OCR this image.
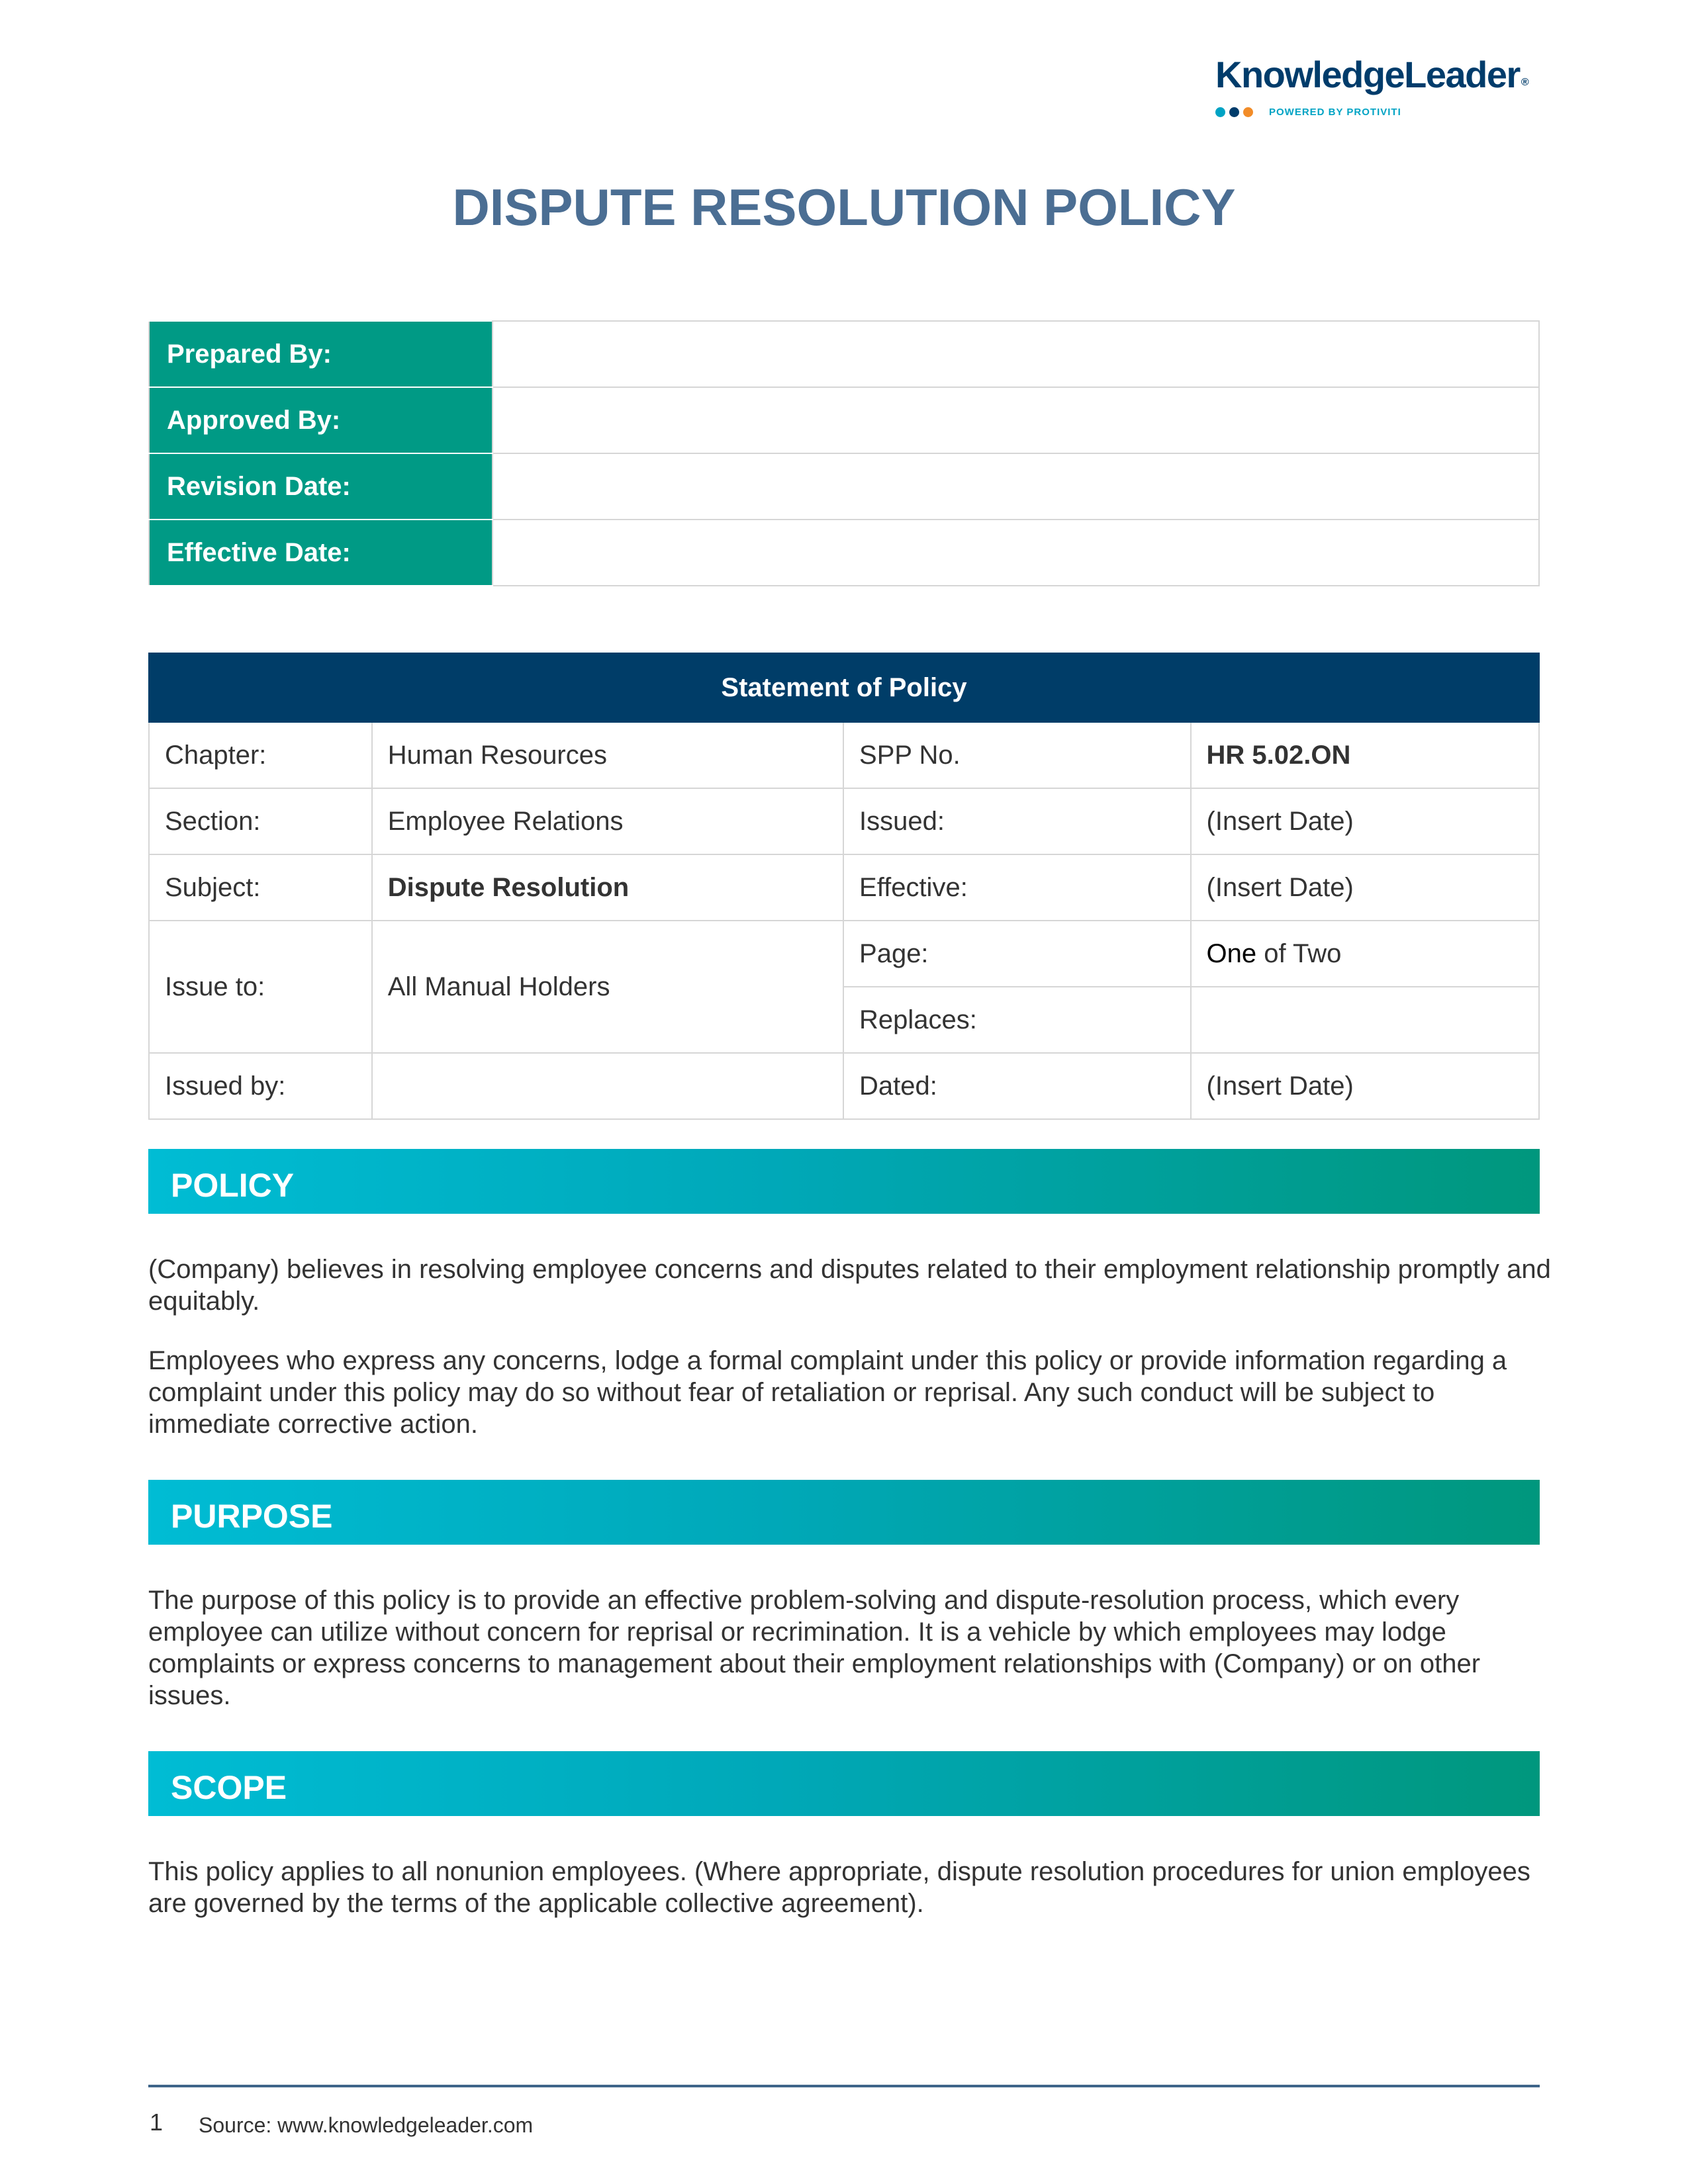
KnowledgeLeader ®
POWERED BY PROTIVITI
DISPUTE RESOLUTION POLICY
Prepared By:	
Approved By:	
Revision Date:	
Effective Date:	
Statement of Policy			
Chapter:	Human Resources	SPP No.	HR 5.02.ON
Section:	Employee Relations	Issued:	(Insert Date)
Subject:	Dispute Resolution	Effective:	(Insert Date)
Issue to:	All Manual Holders	Page:	One of Two
		Replaces:	
Issued by:		Dated:	(Insert Date)
POLICY

(Company) believes in resolving employee concerns and disputes related to their employment relationship promptly and equitably.

Employees who express any concerns, lodge a formal complaint under this policy or provide information regarding a complaint under this policy may do so without fear of retaliation or reprisal. Any such conduct will be subject to immediate corrective action.

PURPOSE

The purpose of this policy is to provide an effective problem-solving and dispute-resolution process, which every employee can utilize without concern for reprisal or recrimination. It is a vehicle by which employees may lodge complaints or express concerns to management about their employment relationships with (Company) or on other issues.

SCOPE

This policy applies to all nonunion employees. (Where appropriate, dispute resolution procedures for union employees are governed by the terms of the applicable collective agreement).

1 Source: www.knowledgeleader.com
